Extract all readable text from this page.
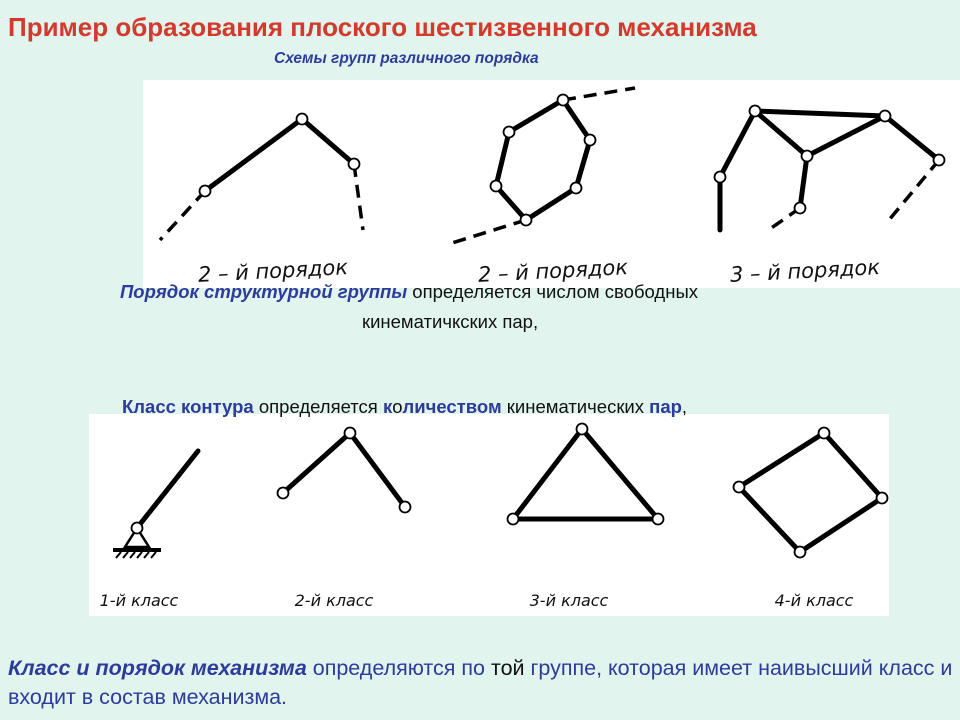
Пример образования плоского шестизвенного механизма
Схемы групп различного порядка
2 – й порядок	2 – й порядок	3 – й порядок
Порядок структурной группы определяется числом свободных
кинематичкских пар,
1-й класс	2-й класс	3-й класс	4-й класс
Класс контура определяется количеством кинематических пар,
Класс и порядок механизма определяются по той группе, которая имеет наивысший класс и входит в состав механизма.
